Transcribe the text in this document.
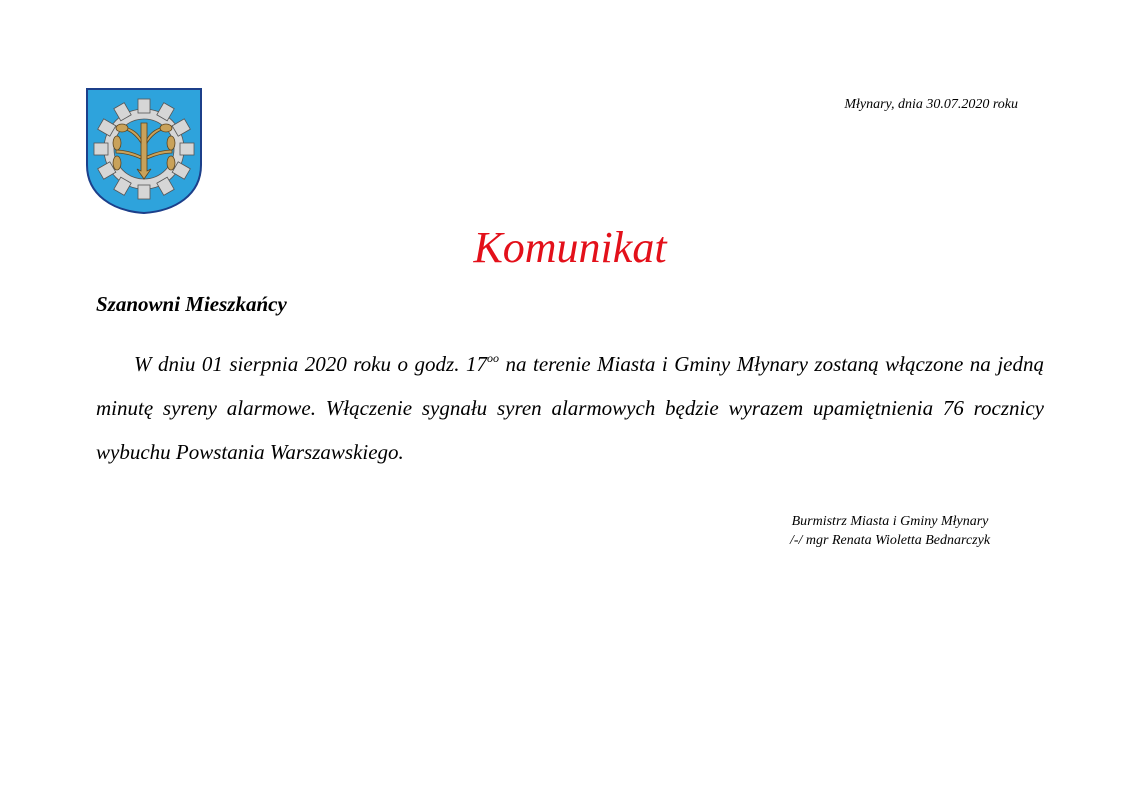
Młynary, dnia 30.07.2020 roku
Komunikat
Szanowni Mieszkańcy
W dniu 01 sierpnia 2020 roku o godz. $17^{oo}$ na terenie Miasta i Gminy Młynary zostaną włączone na jedną minutę syreny alarmowe. Włączenie sygnału syren alarmowych będzie wyrazem upamiętnienia 76 rocznicy wybuchu Powstania Warszawskiego.
Burmistrz Miasta i Gminy Młynary
/-/ mgr Renata Wioletta Bednarczyk
